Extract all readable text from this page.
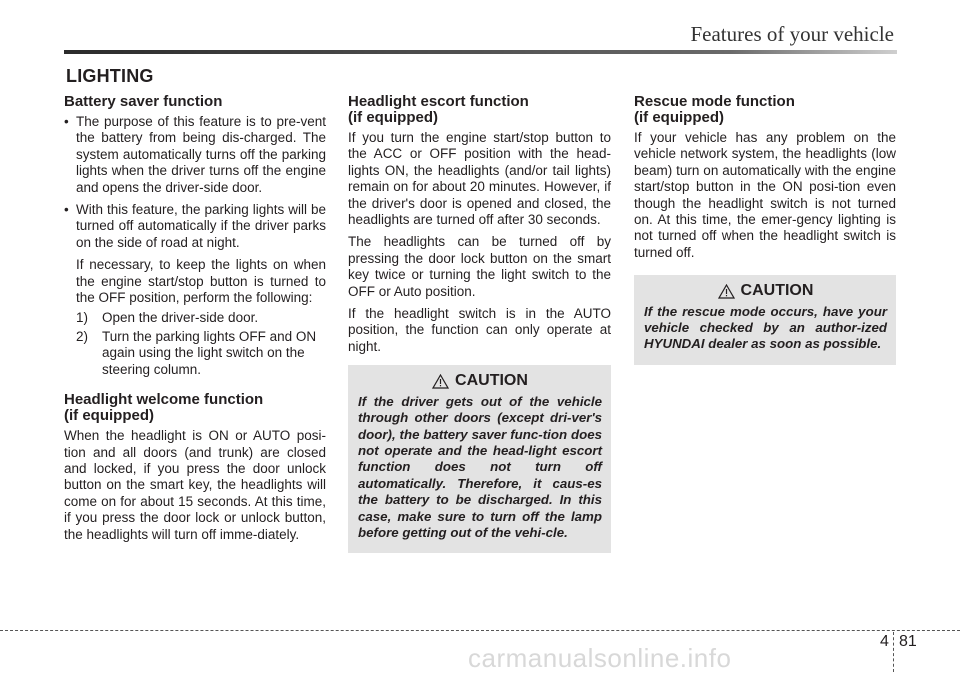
Features of your vehicle
LIGHTING
Battery saver function
• The purpose of this feature is to pre-vent the battery from being dis-charged. The system automatically turns off the parking lights when the driver turns off the engine and opens the driver-side door.
• With this feature, the parking lights will be turned off automatically if the driver parks on the side of road at night.
If necessary, to keep the lights on when the engine start/stop button is turned to the OFF position, perform the following:
1) Open the driver-side door.
2) Turn the parking lights OFF and ON again using the light switch on the steering column.
Headlight welcome function
(if equipped)

When the headlight is ON or AUTO posi-tion and all doors (and trunk) are closed and locked, if you press the door unlock button on the smart key, the headlights will come on for about 15 seconds. At this time, if you press the door lock or unlock button, the headlights will turn off imme-diately.

Headlight escort function
(if equipped)

If you turn the engine start/stop button to the ACC or OFF position with the head-lights ON, the headlights (and/or tail lights) remain on for about 20 minutes. However, if the driver's door is opened and closed, the headlights are turned off after 30 seconds.

The headlights can be turned off by pressing the door lock button on the smart key twice or turning the light switch to the OFF or Auto position.

If the headlight switch is in the AUTO position, the function can only operate at night.

CAUTION
If the driver gets out of the vehicle through other doors (except dri-ver's door), the battery saver func-tion does not operate and the head-light escort function does not turn off automatically. Therefore, it caus-es the battery to be discharged. In this case, make sure to turn off the lamp before getting out of the vehi-cle.
Rescue mode function
(if equipped)

If your vehicle has any problem on the vehicle network system, the headlights (low beam) turn on automatically with the engine start/stop button in the ON posi-tion even though the headlight switch is not turned on. At this time, the emer-gency lighting is not turned off when the headlight switch is turned off.

CAUTION
If the rescue mode occurs, have your vehicle checked by an author-ized HYUNDAI dealer as soon as possible.
4 81
carmanualsonline.info
